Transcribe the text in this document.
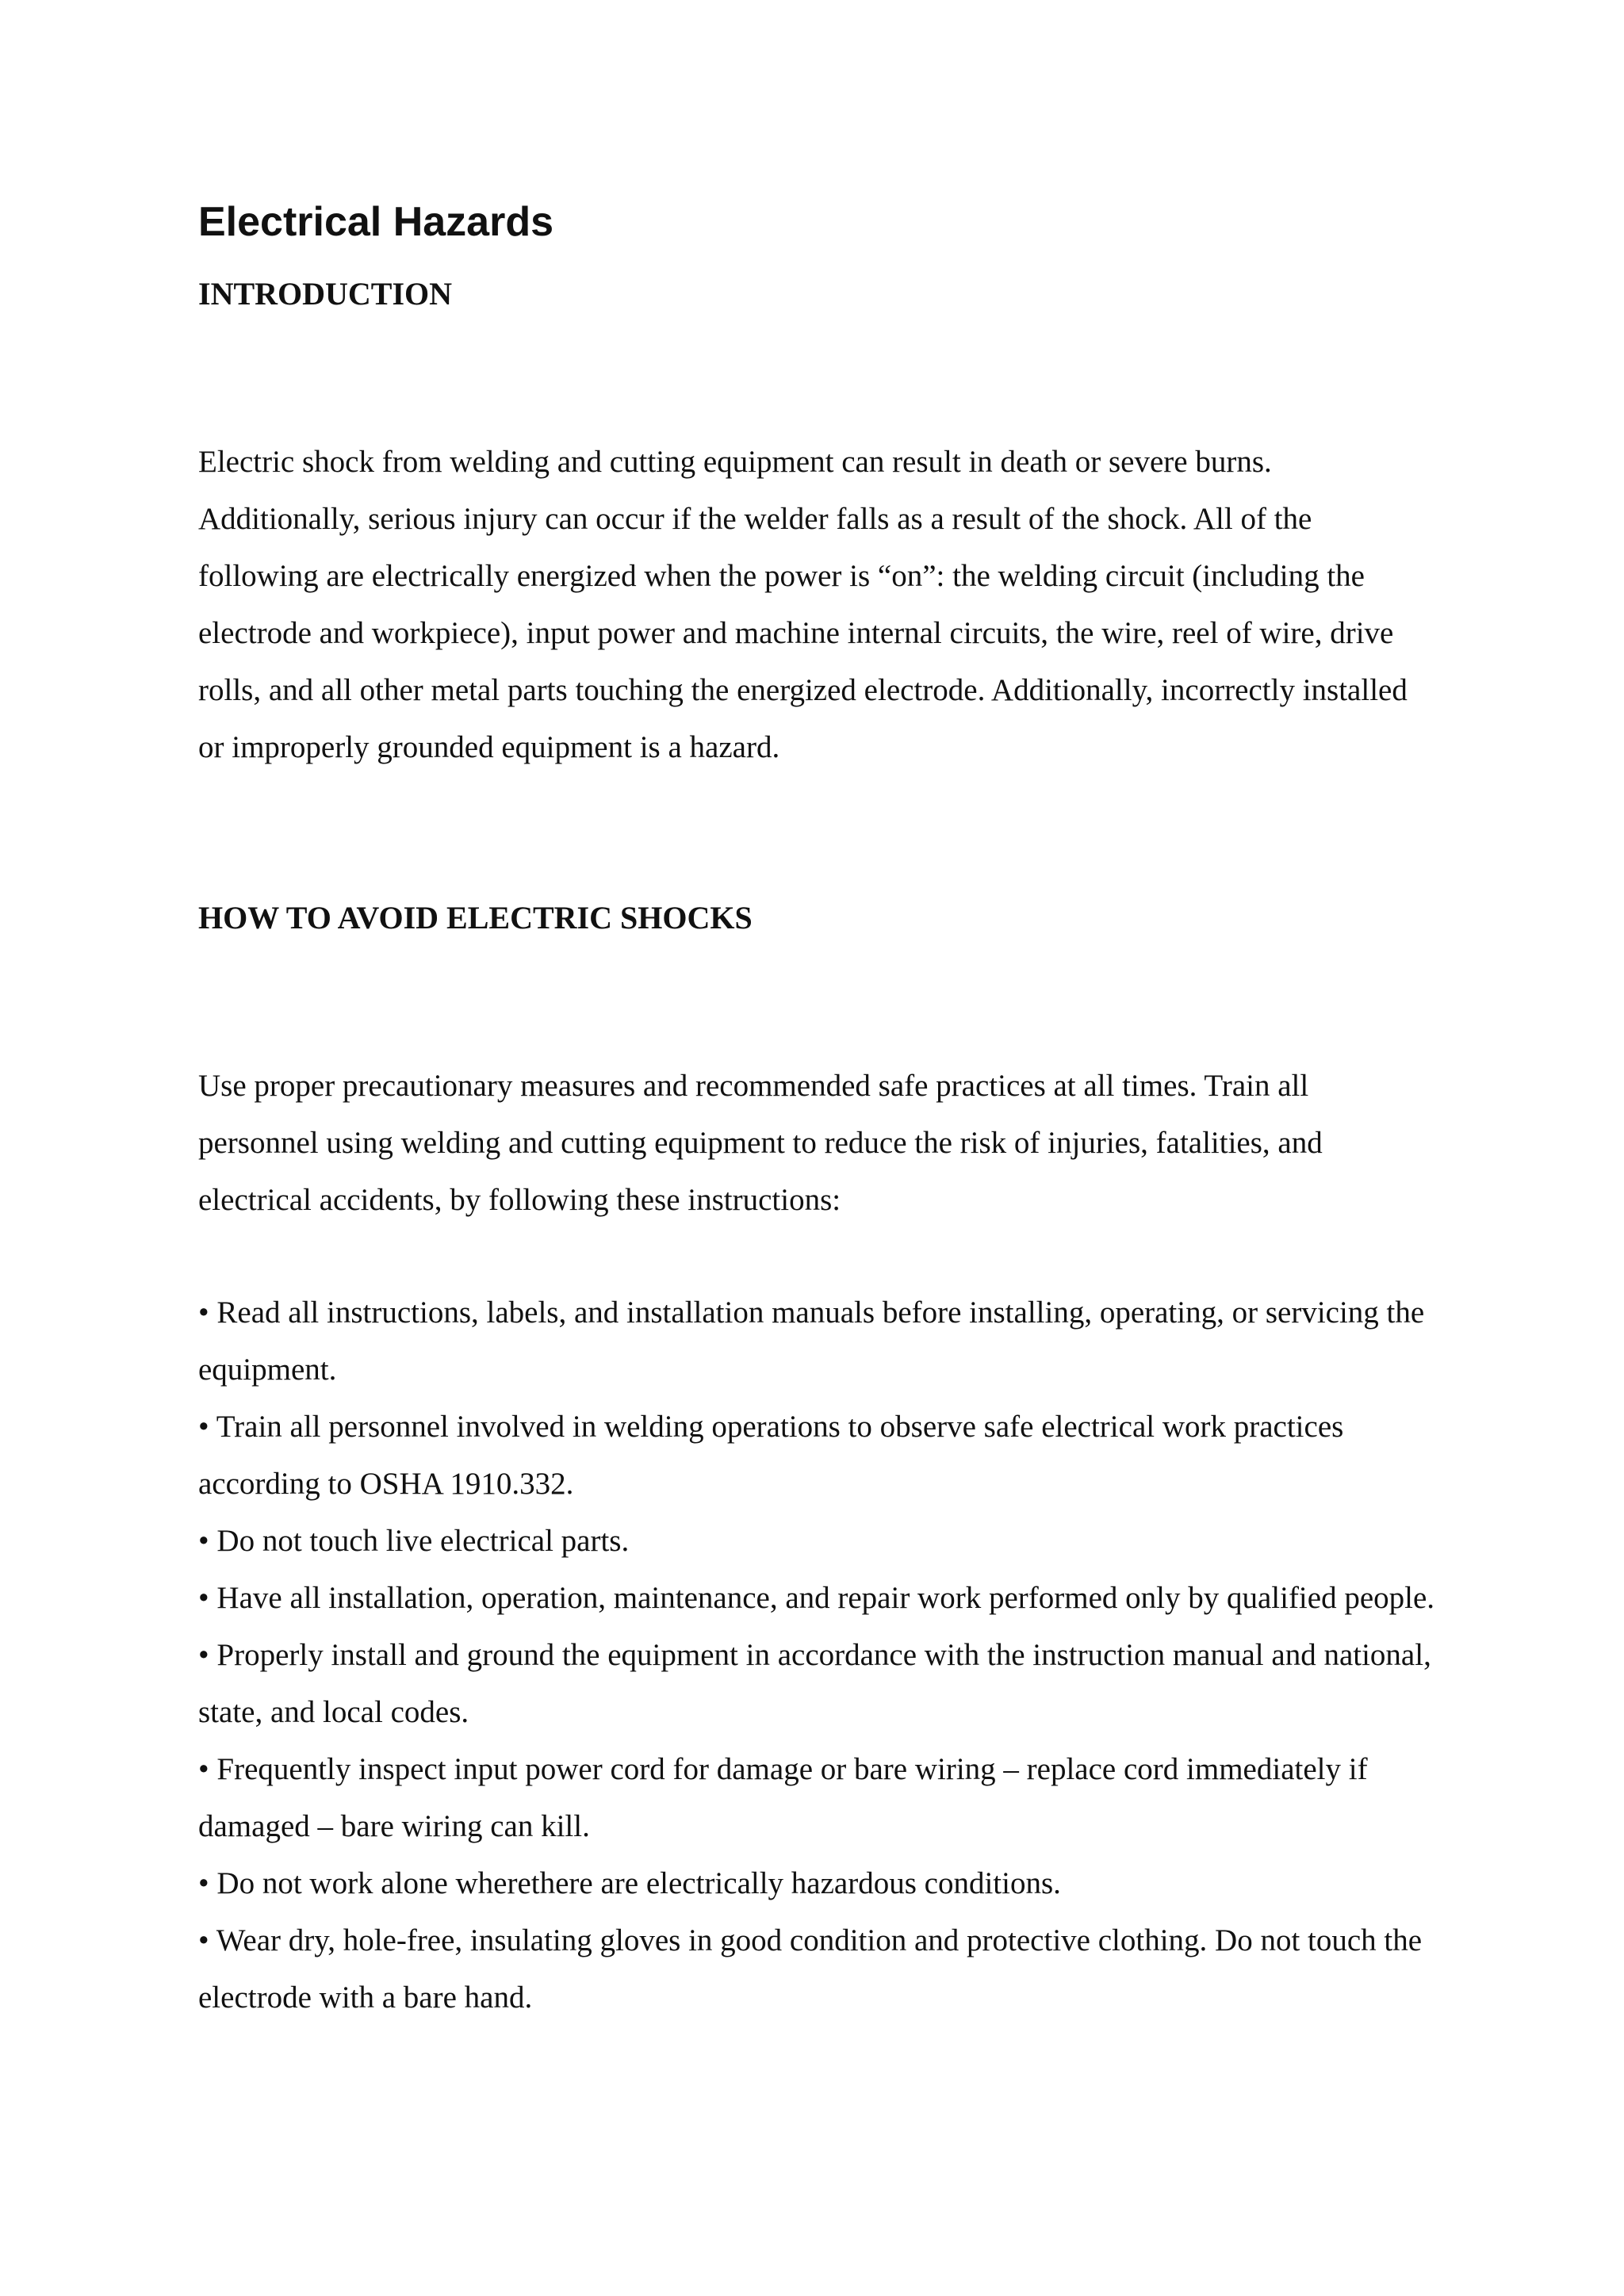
Electrical Hazards
INTRODUCTION

Electric shock from welding and cutting equipment can result in death or severe burns. Additionally, serious injury can occur if the welder falls as a result of the shock. All of the following are electrically energized when the power is “on”: the welding circuit (including the electrode and workpiece), input power and machine internal circuits, the wire, reel of wire, drive rolls, and all other metal parts touching the energized electrode. Additionally, incorrectly installed or improperly grounded equipment is a hazard.

HOW TO AVOID ELECTRIC SHOCKS

Use proper precautionary measures and recommended safe practices at all times. Train all personnel using welding and cutting equipment to reduce the risk of injuries, fatalities, and electrical accidents, by following these instructions:

• Read all instructions, labels, and installation manuals before installing, operating, or servicing the equipment.
• Train all personnel involved in welding operations to observe safe electrical work practices according to OSHA 1910.332.
• Do not touch live electrical parts.
• Have all installation, operation, maintenance, and repair work performed only by qualified people.
• Properly install and ground the equipment in accordance with the instruction manual and national, state, and local codes.
• Frequently inspect input power cord for damage or bare wiring – replace cord immediately if damaged – bare wiring can kill.
• Do not work alone wherethere are electrically hazardous conditions.
• Wear dry, hole-free, insulating gloves in good condition and protective clothing. Do not touch the electrode with a bare hand.
